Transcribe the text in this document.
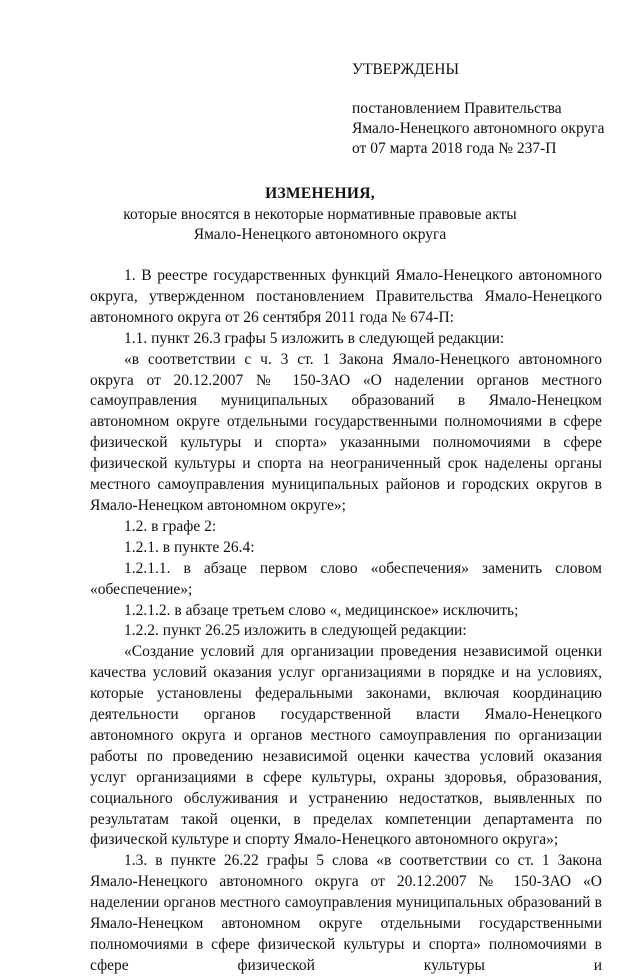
УТВЕРЖДЕНЫ
постановлением Правительства
Ямало-Ненецкого автономного округа
от 07 марта 2018 года № 237-П
ИЗМЕНЕНИЯ,
которые вносятся в некоторые нормативные правовые акты
Ямало-Ненецкого автономного округа

1. В реестре государственных функций Ямало-Ненецкого автономного округа, утвержденном постановлением Правительства Ямало-Ненецкого автономного округа от 26 сентября 2011 года № 674-П:

1.1. пункт 26.3 графы 5 изложить в следующей редакции:

«в соответствии с ч. 3 ст. 1 Закона Ямало-Ненецкого автономного округа от 20.12.2007 № 150-ЗАО «О наделении органов местного самоуправления муниципальных образований в Ямало-Ненецком автономном округе отдельными государственными полномочиями в сфере физической культуры и спорта» указанными полномочиями в сфере физической культуры и спорта на неограниченный срок наделены органы местного самоуправления муниципальных районов и городских округов в Ямало-Ненецком автономном округе»;

1.2. в графе 2:

1.2.1. в пункте 26.4:

1.2.1.1. в абзаце первом слово «обеспечения» заменить словом «обеспечение»;

1.2.1.2. в абзаце третьем слово «, медицинское» исключить;

1.2.2. пункт 26.25 изложить в следующей редакции:

«Создание условий для организации проведения независимой оценки качества условий оказания услуг организациями в порядке и на условиях, которые установлены федеральными законами, включая координацию деятельности органов государственной власти Ямало-Ненецкого автономного округа и органов местного самоуправления по организации работы по проведению независимой оценки качества условий оказания услуг организациями в сфере культуры, охраны здоровья, образования, социального обслуживания и устранению недостатков, выявленных по результатам такой оценки, в пределах компетенции департамента по физической культуре и спорту Ямало-Ненецкого автономного округа»;

1.3. в пункте 26.22 графы 5 слова «в соответствии со ст. 1 Закона Ямало-Ненецкого автономного округа от 20.12.2007 № 150-ЗАО «О наделении органов местного самоуправления муниципальных образований в Ямало-Ненецком автономном округе отдельными государственными полномочиями в сфере физической культуры и спорта» полномочиями в сфере физической культуры и
